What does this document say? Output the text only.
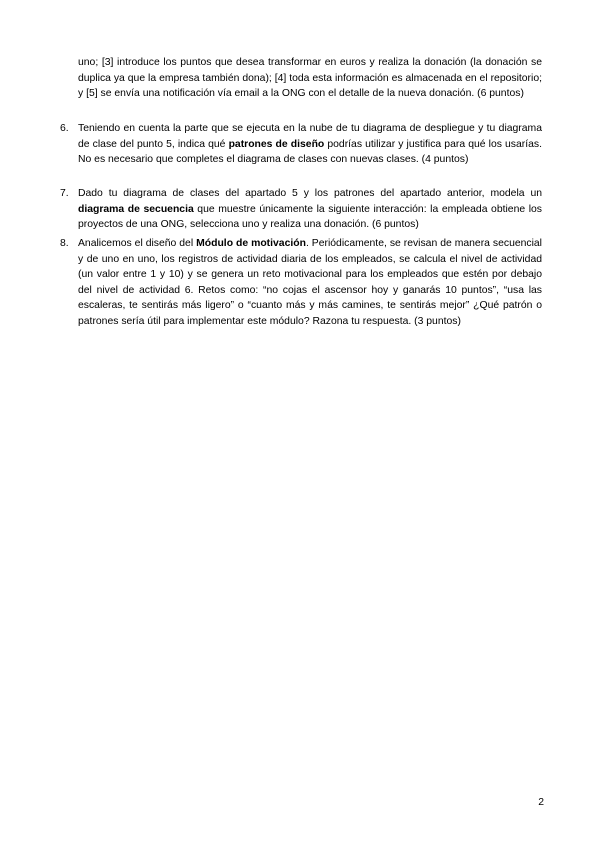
uno; [3] introduce los puntos que desea transformar en euros y realiza la donación (la donación se duplica ya que la empresa también dona); [4] toda esta información es almacenada en el repositorio; y [5] se envía una notificación vía email a la ONG con el detalle de la nueva donación. (6 puntos)

6. Teniendo en cuenta la parte que se ejecuta en la nube de tu diagrama de despliegue y tu diagrama de clase del punto 5, indica qué patrones de diseño podrías utilizar y justifica para qué los usarías. No es necesario que completes el diagrama de clases con nuevas clases. (4 puntos)
7. Dado tu diagrama de clases del apartado 5 y los patrones del apartado anterior, modela un diagrama de secuencia que muestre únicamente la siguiente interacción: la empleada obtiene los proyectos de una ONG, selecciona uno y realiza una donación. (6 puntos)
8. Analicemos el diseño del Módulo de motivación. Periódicamente, se revisan de manera secuencial y de uno en uno, los registros de actividad diaria de los empleados, se calcula el nivel de actividad (un valor entre 1 y 10) y se genera un reto motivacional para los empleados que estén por debajo del nivel de actividad 6. Retos como: “no cojas el ascensor hoy y ganarás 10 puntos”, “usa las escaleras, te sentirás más ligero” o “cuanto más y más camines, te sentirás mejor” ¿Qué patrón o patrones sería útil para implementar este módulo? Razona tu respuesta. (3 puntos)
2
